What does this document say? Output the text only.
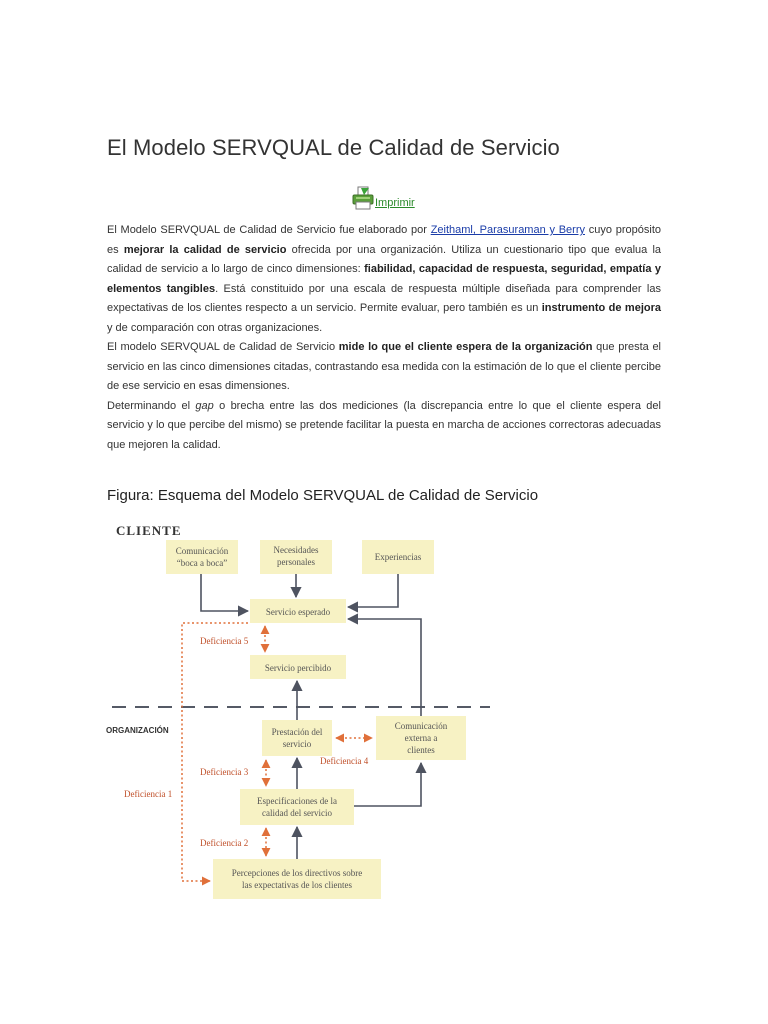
El Modelo SERVQUAL de Calidad de Servicio
Imprimir

El Modelo SERVQUAL de Calidad de Servicio fue elaborado por Zeithaml, Parasuraman y Berry cuyo propósito es mejorar la calidad de servicio ofrecida por una organización. Utiliza un cuestionario tipo que evalua la calidad de servicio a lo largo de cinco dimensiones: fiabilidad, capacidad de respuesta, seguridad, empatía y elementos tangibles. Está constituido por una escala de respuesta múltiple diseñada para comprender las expectativas de los clientes respecto a un servicio. Permite evaluar, pero también es un instrumento de mejora y de comparación con otras organizaciones.

El modelo SERVQUAL de Calidad de Servicio mide lo que el cliente espera de la organización que presta el servicio en las cinco dimensiones citadas, contrastando esa medida con la estimación de lo que el cliente percibe de ese servicio en esas dimensiones.

Determinando el gap o brecha entre las dos mediciones (la discrepancia entre lo que el cliente espera del servicio y lo que percibe del mismo) se pretende facilitar la puesta en marcha de acciones correctoras adecuadas que mejoren la calidad.

Figura: Esquema del Modelo SERVQUAL de Calidad de Servicio
CLIENTE
ORGANIZACIÓN
Comunicación
“boca a boca”
Necesidades
personales	Experiencias
Servicio esperado
Servicio percibido
Prestación del
servicio
Comunicación
externa a
clientes
Especificaciones de la
calidad del servicio
Percepciones de los directivos sobre
las expectativas de los clientes
Deficiencia 5
Deficiencia 3
Deficiencia 2
Deficiencia 4
Deficiencia 1
